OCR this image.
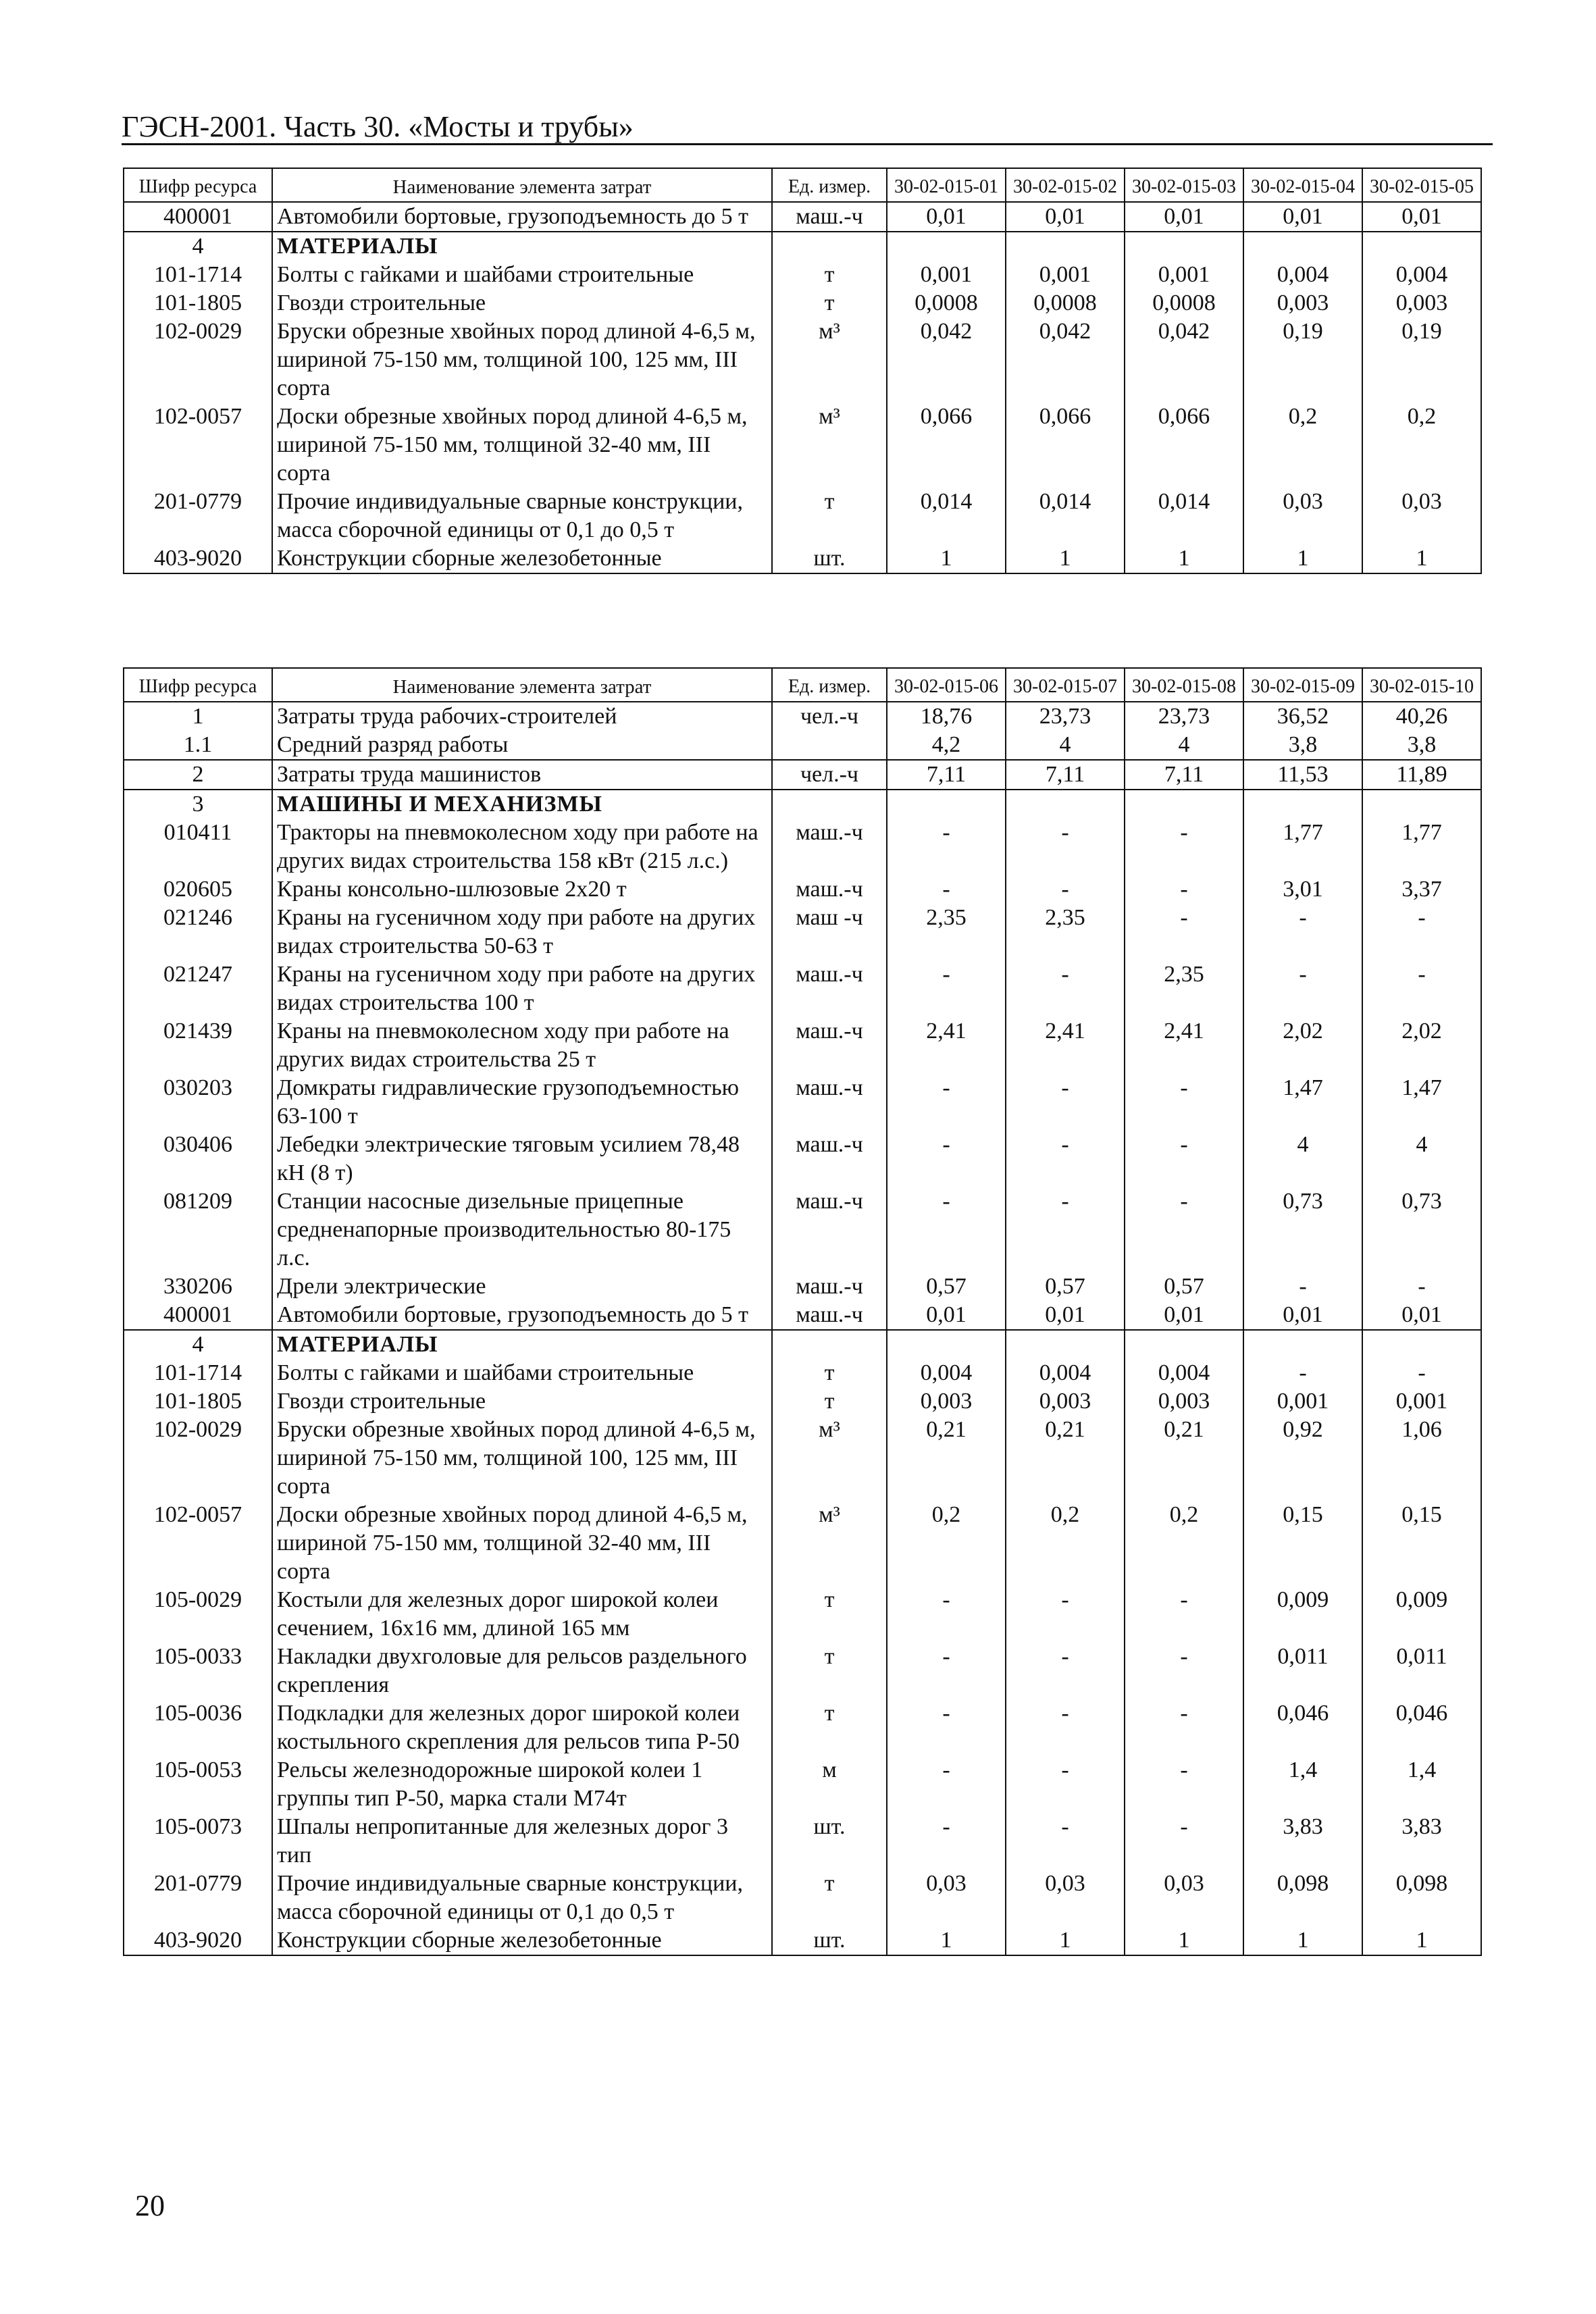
ГЭСН-2001. Часть 30. «Мосты и трубы»
Шифр ресурса	Наименование элемента затрат	Ед. измер.	30-02-015-01	30-02-015-02	30-02-015-03	30-02-015-04	30-02-015-05
400001	Автомобили бортовые, грузоподъемность до 5 т	маш.-ч	0,01	0,01	0,01	0,01	0,01
4	МАТЕРИАЛЫ						
101-1714	Болты с гайками и шайбами строительные	т	0,001	0,001	0,001	0,004	0,004
101-1805	Гвозди строительные	т	0,0008	0,0008	0,0008	0,003	0,003
102-0029	Бруски обрезные хвойных пород длиной 4-6,5 м, шириной 75-150 мм, толщиной 100, 125 мм, III сорта	м³	0,042	0,042	0,042	0,19	0,19
102-0057	Доски обрезные хвойных пород длиной 4-6,5 м, шириной 75-150 мм, толщиной 32-40 мм, III сорта	м³	0,066	0,066	0,066	0,2	0,2
201-0779	Прочие индивидуальные сварные конструкции, масса сборочной единицы от 0,1 до 0,5 т	т	0,014	0,014	0,014	0,03	0,03
403-9020	Конструкции сборные железобетонные	шт.	1	1	1	1	1
Шифр ресурса	Наименование элемента затрат	Ед. измер.	30-02-015-06	30-02-015-07	30-02-015-08	30-02-015-09	30-02-015-10
1	Затраты труда рабочих-строителей	чел.-ч	18,76	23,73	23,73	36,52	40,26
1.1	Средний разряд работы		4,2	4	4	3,8	3,8
2	Затраты труда машинистов	чел.-ч	7,11	7,11	7,11	11,53	11,89
3	МАШИНЫ И МЕХАНИЗМЫ						
010411	Тракторы на пневмоколесном ходу при работе на других видах строительства 158 кВт (215 л.с.)	маш.-ч	-	-	-	1,77	1,77
020605	Краны консольно-шлюзовые 2х20 т	маш.-ч	-	-	-	3,01	3,37
021246	Краны на гусеничном ходу при работе на других видах строительства 50-63 т	маш -ч	2,35	2,35	-	-	-
021247	Краны на гусеничном ходу при работе на других видах строительства 100 т	маш.-ч	-	-	2,35	-	-
021439	Краны на пневмоколесном ходу при работе на других видах строительства 25 т	маш.-ч	2,41	2,41	2,41	2,02	2,02
030203	Домкраты гидравлические грузоподъемностью 63-100 т	маш.-ч	-	-	-	1,47	1,47
030406	Лебедки электрические тяговым усилием 78,48 кН (8 т)	маш.-ч	-	-	-	4	4
081209	Станции насосные дизельные прицепные средненапорные производительностью 80-175 л.с.	маш.-ч	-	-	-	0,73	0,73
330206	Дрели электрические	маш.-ч	0,57	0,57	0,57	-	-
400001	Автомобили бортовые, грузоподъемность до 5 т	маш.-ч	0,01	0,01	0,01	0,01	0,01
4	МАТЕРИАЛЫ						
101-1714	Болты с гайками и шайбами строительные	т	0,004	0,004	0,004	-	-
101-1805	Гвозди строительные	т	0,003	0,003	0,003	0,001	0,001
102-0029	Бруски обрезные хвойных пород длиной 4-6,5 м, шириной 75-150 мм, толщиной 100, 125 мм, III сорта	м³	0,21	0,21	0,21	0,92	1,06
102-0057	Доски обрезные хвойных пород длиной 4-6,5 м, шириной 75-150 мм, толщиной 32-40 мм, III сорта	м³	0,2	0,2	0,2	0,15	0,15
105-0029	Костыли для железных дорог широкой колеи сечением, 16х16 мм, длиной 165 мм	т	-	-	-	0,009	0,009
105-0033	Накладки двухголовые для рельсов раздельного скрепления	т	-	-	-	0,011	0,011
105-0036	Подкладки для железных дорог широкой колеи костыльного скрепления для рельсов типа Р-50	т	-	-	-	0,046	0,046
105-0053	Рельсы железнодорожные широкой колеи 1 группы тип Р-50, марка стали М74т	м	-	-	-	1,4	1,4
105-0073	Шпалы непропитанные для железных дорог 3 тип	шт.	-	-	-	3,83	3,83
201-0779	Прочие индивидуальные сварные конструкции, масса сборочной единицы от 0,1 до 0,5 т	т	0,03	0,03	0,03	0,098	0,098
403-9020	Конструкции сборные железобетонные	шт.	1	1	1	1	1
20
